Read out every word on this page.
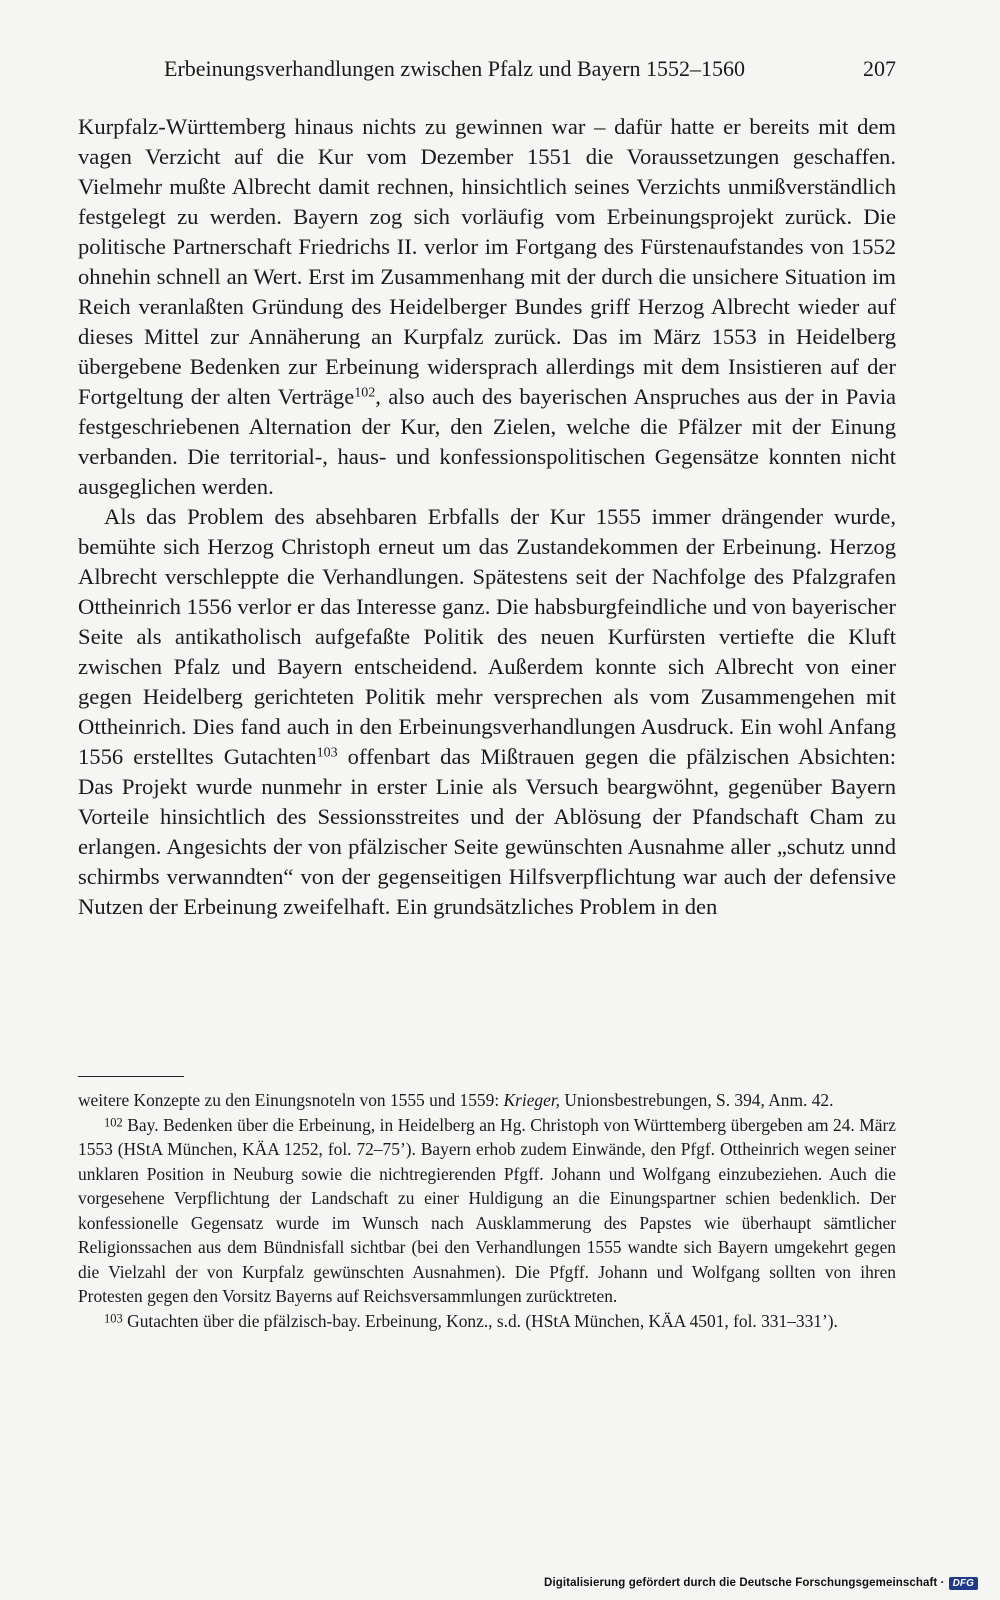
Erbeinungsverhandlungen zwischen Pfalz und Bayern 1552–1560	207

Kurpfalz-Württemberg hinaus nichts zu gewinnen war – dafür hatte er bereits mit dem vagen Verzicht auf die Kur vom Dezember 1551 die Voraussetzungen geschaffen. Vielmehr mußte Albrecht damit rechnen, hinsichtlich seines Verzichts unmißverständlich festgelegt zu werden. Bayern zog sich vorläufig vom Erbeinungsprojekt zurück. Die politische Partnerschaft Friedrichs II. verlor im Fortgang des Fürstenaufstandes von 1552 ohnehin schnell an Wert. Erst im Zusammenhang mit der durch die unsichere Situation im Reich veranlaßten Gründung des Heidelberger Bundes griff Herzog Albrecht wieder auf dieses Mittel zur Annäherung an Kurpfalz zurück. Das im März 1553 in Heidelberg übergebene Bedenken zur Erbeinung widersprach allerdings mit dem Insistieren auf der Fortgeltung der alten Verträge$^{102}$, also auch des bayerischen Anspruches aus der in Pavia festgeschriebenen Alternation der Kur, den Zielen, welche die Pfälzer mit der Einung verbanden. Die territorial-, haus- und konfessionspolitischen Gegensätze konnten nicht ausgeglichen werden.

Als das Problem des absehbaren Erbfalls der Kur 1555 immer drängender wurde, bemühte sich Herzog Christoph erneut um das Zustandekommen der Erbeinung. Herzog Albrecht verschleppte die Verhandlungen. Spätestens seit der Nachfolge des Pfalzgrafen Ottheinrich 1556 verlor er das Interesse ganz. Die habsburgfeindliche und von bayerischer Seite als antikatholisch aufgefaßte Politik des neuen Kurfürsten vertiefte die Kluft zwischen Pfalz und Bayern entscheidend. Außerdem konnte sich Albrecht von einer gegen Heidelberg gerichteten Politik mehr versprechen als vom Zusammengehen mit Ottheinrich. Dies fand auch in den Erbeinungsverhandlungen Ausdruck. Ein wohl Anfang 1556 erstelltes Gutachten$^{103}$ offenbart das Mißtrauen gegen die pfälzischen Absichten: Das Projekt wurde nunmehr in erster Linie als Versuch beargwöhnt, gegenüber Bayern Vorteile hinsichtlich des Sessionsstreites und der Ablösung der Pfandschaft Cham zu erlangen. Angesichts der von pfälzischer Seite gewünschten Ausnahme aller „schutz unnd schirmbs verwanndten“ von der gegenseitigen Hilfsverpflichtung war auch der defensive Nutzen der Erbeinung zweifelhaft. Ein grundsätzliches Problem in den

weitere Konzepte zu den Einungsnoteln von 1555 und 1559: Krieger, Unionsbestrebungen, S. 394, Anm. 42.

$^{102}$ Bay. Bedenken über die Erbeinung, in Heidelberg an Hg. Christoph von Württemberg übergeben am 24. März 1553 (HStA München, KÄA 1252, fol. 72–75’). Bayern erhob zudem Einwände, den Pfgf. Ottheinrich wegen seiner unklaren Position in Neuburg sowie die nichtregierenden Pfgff. Johann und Wolfgang einzubeziehen. Auch die vorgesehene Verpflichtung der Landschaft zu einer Huldigung an die Einungspartner schien bedenklich. Der konfessionelle Gegensatz wurde im Wunsch nach Ausklammerung des Papstes wie überhaupt sämtlicher Religionssachen aus dem Bündnisfall sichtbar (bei den Verhandlungen 1555 wandte sich Bayern umgekehrt gegen die Vielzahl der von Kurpfalz gewünschten Ausnahmen). Die Pfgff. Johann und Wolfgang sollten von ihren Protesten gegen den Vorsitz Bayerns auf Reichsversammlungen zurücktreten.

$^{103}$ Gutachten über die pfälzisch-bay. Erbeinung, Konz., s.d. (HStA München, KÄA 4501, fol. 331–331’).

Digitalisierung gefördert durch die Deutsche Forschungsgemeinschaft · DFG
